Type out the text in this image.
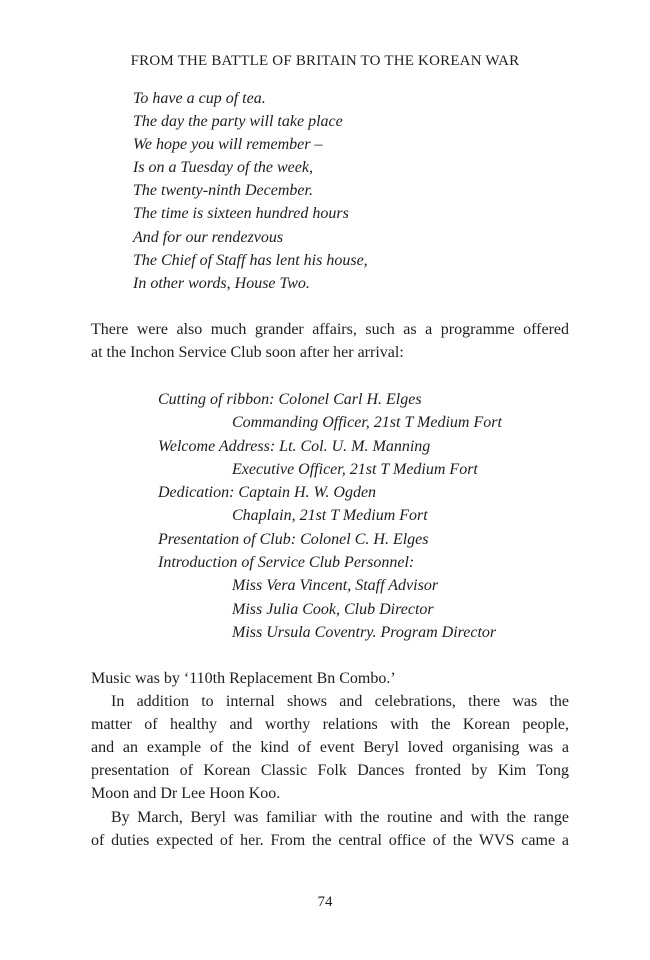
FROM THE BATTLE OF BRITAIN TO THE KOREAN WAR
To have a cup of tea.
The day the party will take place
We hope you will remember –
Is on a Tuesday of the week,
The twenty-ninth December.
The time is sixteen hundred hours
And for our rendezvous
The Chief of Staff has lent his house,
In other words, House Two.
There were also much grander affairs, such as a programme offered
at the Inchon Service Club soon after her arrival:
Cutting of ribbon: Colonel Carl H. Elges
Commanding Officer, 21st T Medium Fort
Welcome Address: Lt. Col. U. M. Manning
Executive Officer, 21st T Medium Fort
Dedication: Captain H. W. Ogden
Chaplain, 21st T Medium Fort
Presentation of Club: Colonel C. H. Elges
Introduction of Service Club Personnel:
Miss Vera Vincent, Staff Advisor
Miss Julia Cook, Club Director
Miss Ursula Coventry. Program Director
Music was by ‘110th Replacement Bn Combo.’
In addition to internal shows and celebrations, there was the
matter of healthy and worthy relations with the Korean people,
and an example of the kind of event Beryl loved organising was a
presentation of Korean Classic Folk Dances fronted by Kim Tong
Moon and Dr Lee Hoon Koo.
By March, Beryl was familiar with the routine and with the range
of duties expected of her. From the central office of the WVS came a
74
